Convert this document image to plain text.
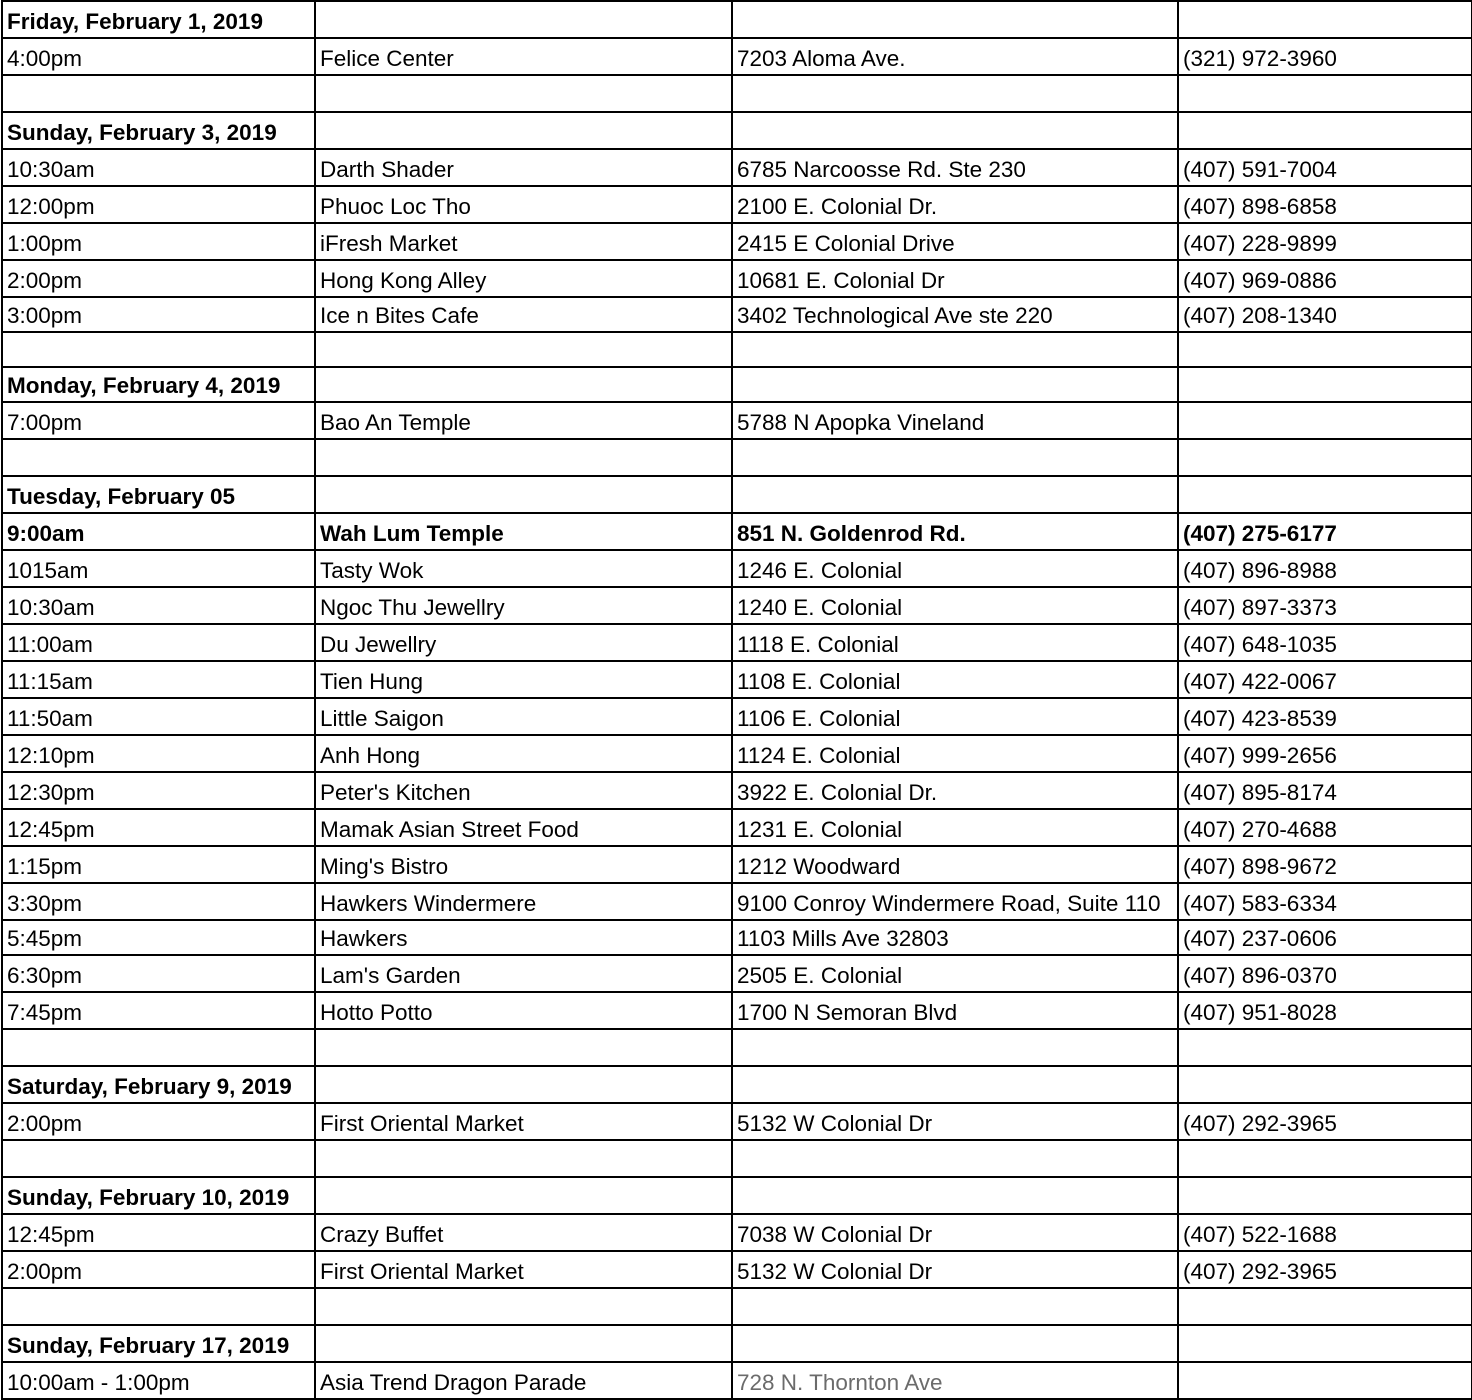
Friday, February 1, 2019			
4:00pm	Felice Center	7203 Aloma Ave.	(321) 972-3960

Sunday, February 3, 2019			
10:30am	Darth Shader	6785 Narcoosse Rd. Ste 230	(407) 591-7004
12:00pm	Phuoc Loc Tho	2100 E. Colonial Dr.	(407) 898-6858
1:00pm	iFresh Market	2415 E Colonial Drive	(407) 228-9899
2:00pm	Hong Kong Alley	10681 E. Colonial Dr	(407) 969-0886
3:00pm	Ice n Bites Cafe	3402 Technological Ave ste 220	(407) 208-1340

Monday, February 4, 2019			
7:00pm	Bao An Temple	5788 N Apopka Vineland	

Tuesday, February 05			
9:00am	Wah Lum Temple	851 N. Goldenrod Rd.	(407) 275-6177
1015am	Tasty Wok	1246 E. Colonial	(407) 896-8988
10:30am	Ngoc Thu Jewellry	1240 E. Colonial	(407) 897-3373
11:00am	Du Jewellry	1118 E. Colonial	(407) 648-1035
11:15am	Tien Hung	1108 E. Colonial	(407) 422-0067
11:50am	Little Saigon	1106 E. Colonial	(407) 423-8539
12:10pm	Anh Hong	1124 E. Colonial	(407) 999-2656
12:30pm	Peter's Kitchen	3922 E. Colonial Dr.	(407) 895-8174
12:45pm	Mamak Asian Street Food	1231 E. Colonial	(407) 270-4688
1:15pm	Ming's Bistro	1212 Woodward	(407) 898-9672
3:30pm	Hawkers Windermere	9100 Conroy Windermere Road, Suite 110	(407) 583-6334
5:45pm	Hawkers	1103 Mills Ave 32803	(407) 237-0606
6:30pm	Lam's Garden	2505 E. Colonial	(407) 896-0370
7:45pm	Hotto Potto	1700 N Semoran Blvd	(407) 951-8028

Saturday, February 9, 2019			
2:00pm	First Oriental Market	5132 W Colonial Dr	(407) 292-3965

Sunday, February 10, 2019			
12:45pm	Crazy Buffet	7038 W Colonial Dr	(407) 522-1688
2:00pm	First Oriental Market	5132 W Colonial Dr	(407) 292-3965

Sunday, February 17, 2019			
10:00am - 1:00pm	Asia Trend Dragon Parade	728 N. Thornton Ave	
